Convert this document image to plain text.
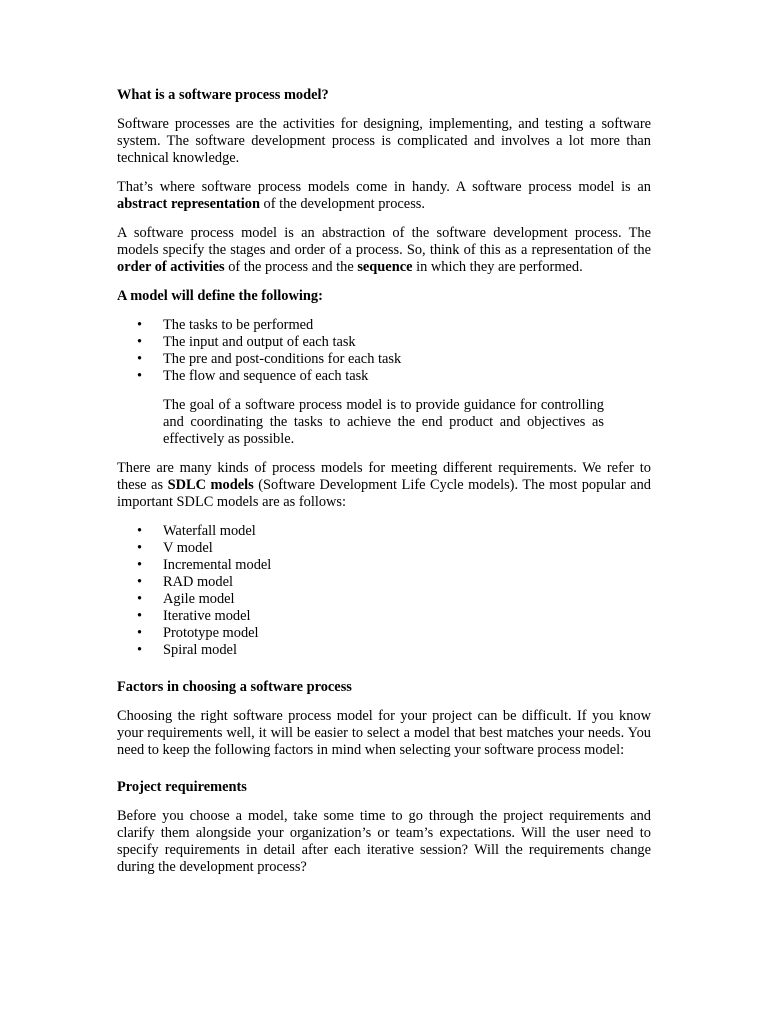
What is a software process model?
Software processes are the activities for designing, implementing, and testing a software system. The software development process is complicated and involves a lot more than technical knowledge.
That’s where software process models come in handy. A software process model is an abstract representation of the development process.
A software process model is an abstraction of the software development process. The models specify the stages and order of a process. So, think of this as a representation of the order of activities of the process and the sequence in which they are performed.
A model will define the following:
• The tasks to be performed
• The input and output of each task
• The pre and post-conditions for each task
• The flow and sequence of each task
The goal of a software process model is to provide guidance for controlling and coordinating the tasks to achieve the end product and objectives as effectively as possible.
There are many kinds of process models for meeting different requirements. We refer to these as SDLC models (Software Development Life Cycle models). The most popular and important SDLC models are as follows:
• Waterfall model
• V model
• Incremental model
• RAD model
• Agile model
• Iterative model
• Prototype model
• Spiral model
Factors in choosing a software process
Choosing the right software process model for your project can be difficult. If you know your requirements well, it will be easier to select a model that best matches your needs. You need to keep the following factors in mind when selecting your software process model:
Project requirements
Before you choose a model, take some time to go through the project requirements and clarify them alongside your organization’s or team’s expectations. Will the user need to specify requirements in detail after each iterative session? Will the requirements change during the development process?
